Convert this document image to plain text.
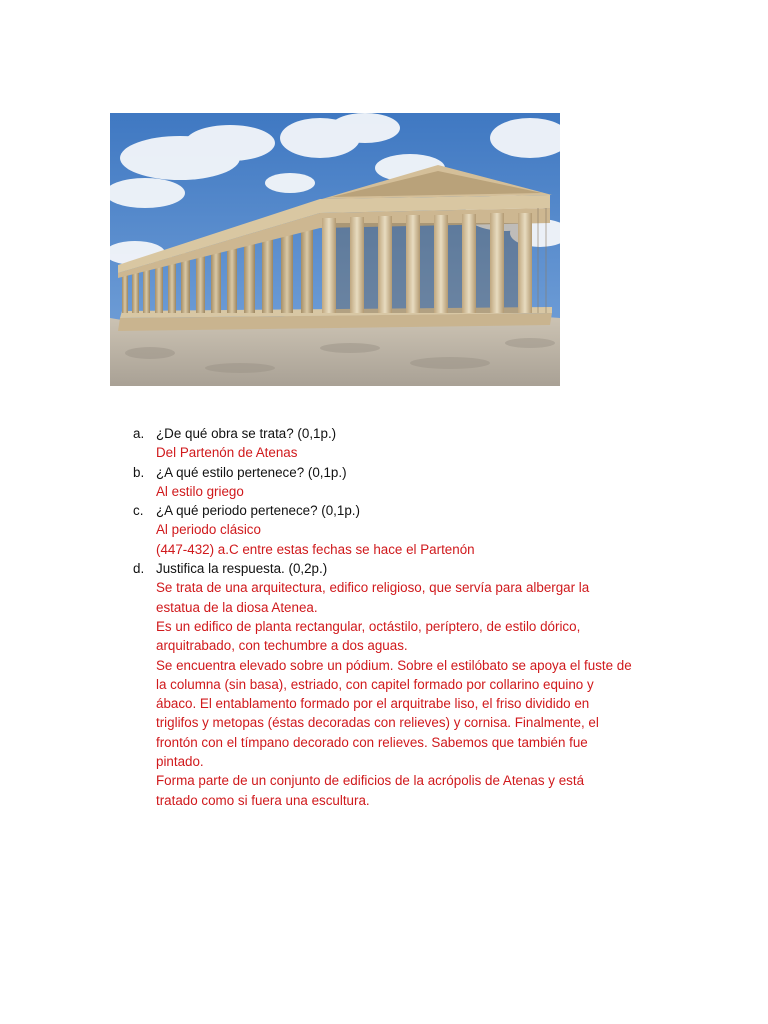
a. ¿De qué obra se trata? (0,1p.)
Del Partenón de Atenas
b. ¿A qué estilo pertenece? (0,1p.)
Al estilo griego
c. ¿A qué periodo pertenece? (0,1p.)
Al periodo clásico
(447-432) a.C entre estas fechas se hace el Partenón
d. Justifica la respuesta. (0,2p.)
Se trata de una arquitectura, edifico religioso, que servía para albergar la
estatua de la diosa Atenea.
Es un edifico de planta rectangular, octástilo, períptero, de estilo dórico,
arquitrabado, con techumbre a dos aguas.
Se encuentra elevado sobre un pódium. Sobre el estilóbato se apoya el fuste de
la columna (sin basa), estriado, con capitel formado por collarino equino y
ábaco. El entablamento formado por el arquitrabe liso, el friso dividido en
triglifos y metopas (éstas decoradas con relieves) y cornisa. Finalmente, el
frontón con el tímpano decorado con relieves. Sabemos que también fue
pintado.
Forma parte de un conjunto de edificios de la acrópolis de Atenas y está
tratado como si fuera una escultura.
